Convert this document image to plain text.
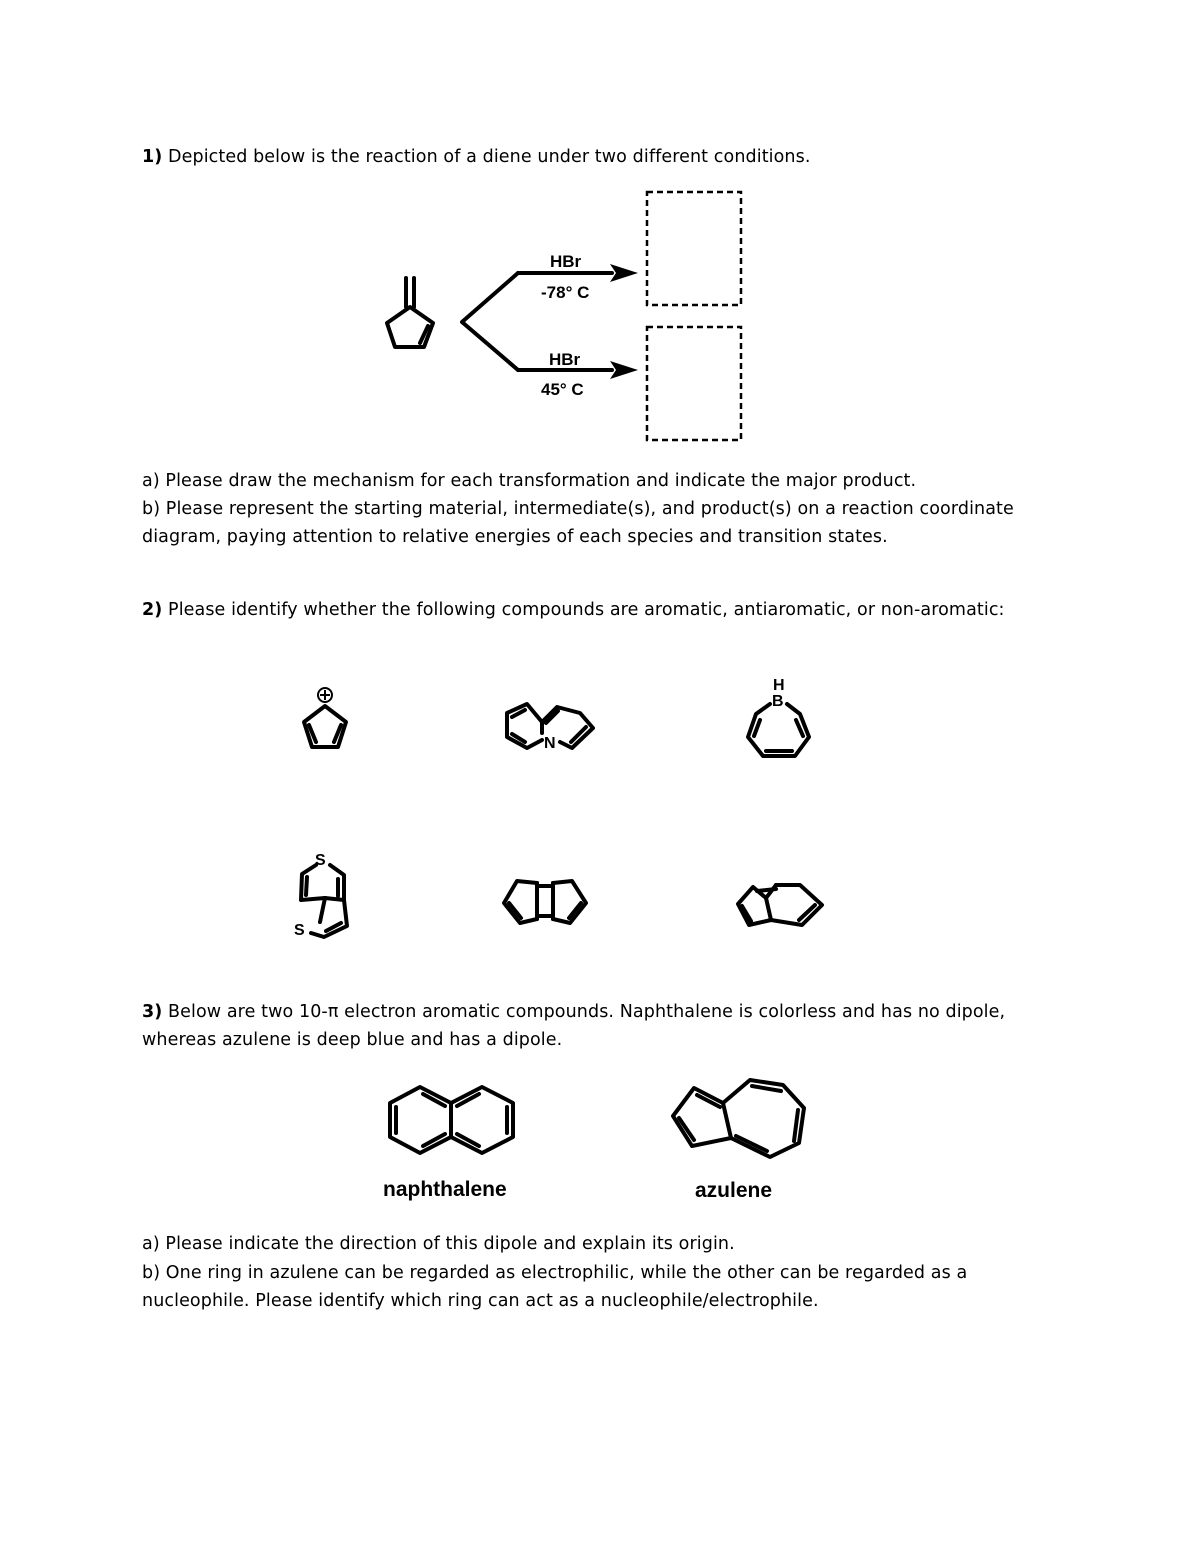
1) Depicted below is the reaction of a diene under two different conditions.
a) Please draw the mechanism for each transformation and indicate the major product.
b) Please represent the starting material, intermediate(s), and product(s) on a reaction coordinate
diagram, paying attention to relative energies of each species and transition states.
2) Please identify whether the following compounds are aromatic, antiaromatic, or non-aromatic:
3) Below are two 10-π electron aromatic compounds. Naphthalene is colorless and has no dipole,
whereas azulene is deep blue and has a dipole.
a) Please indicate the direction of this dipole and explain its origin.
b) One ring in azulene can be regarded as electrophilic, while the other can be regarded as a
nucleophile. Please identify which ring can act as a nucleophile/electrophile.
HBr
-78° C
HBr
45° C
N
H
B
S
S
naphthalene	azulene
